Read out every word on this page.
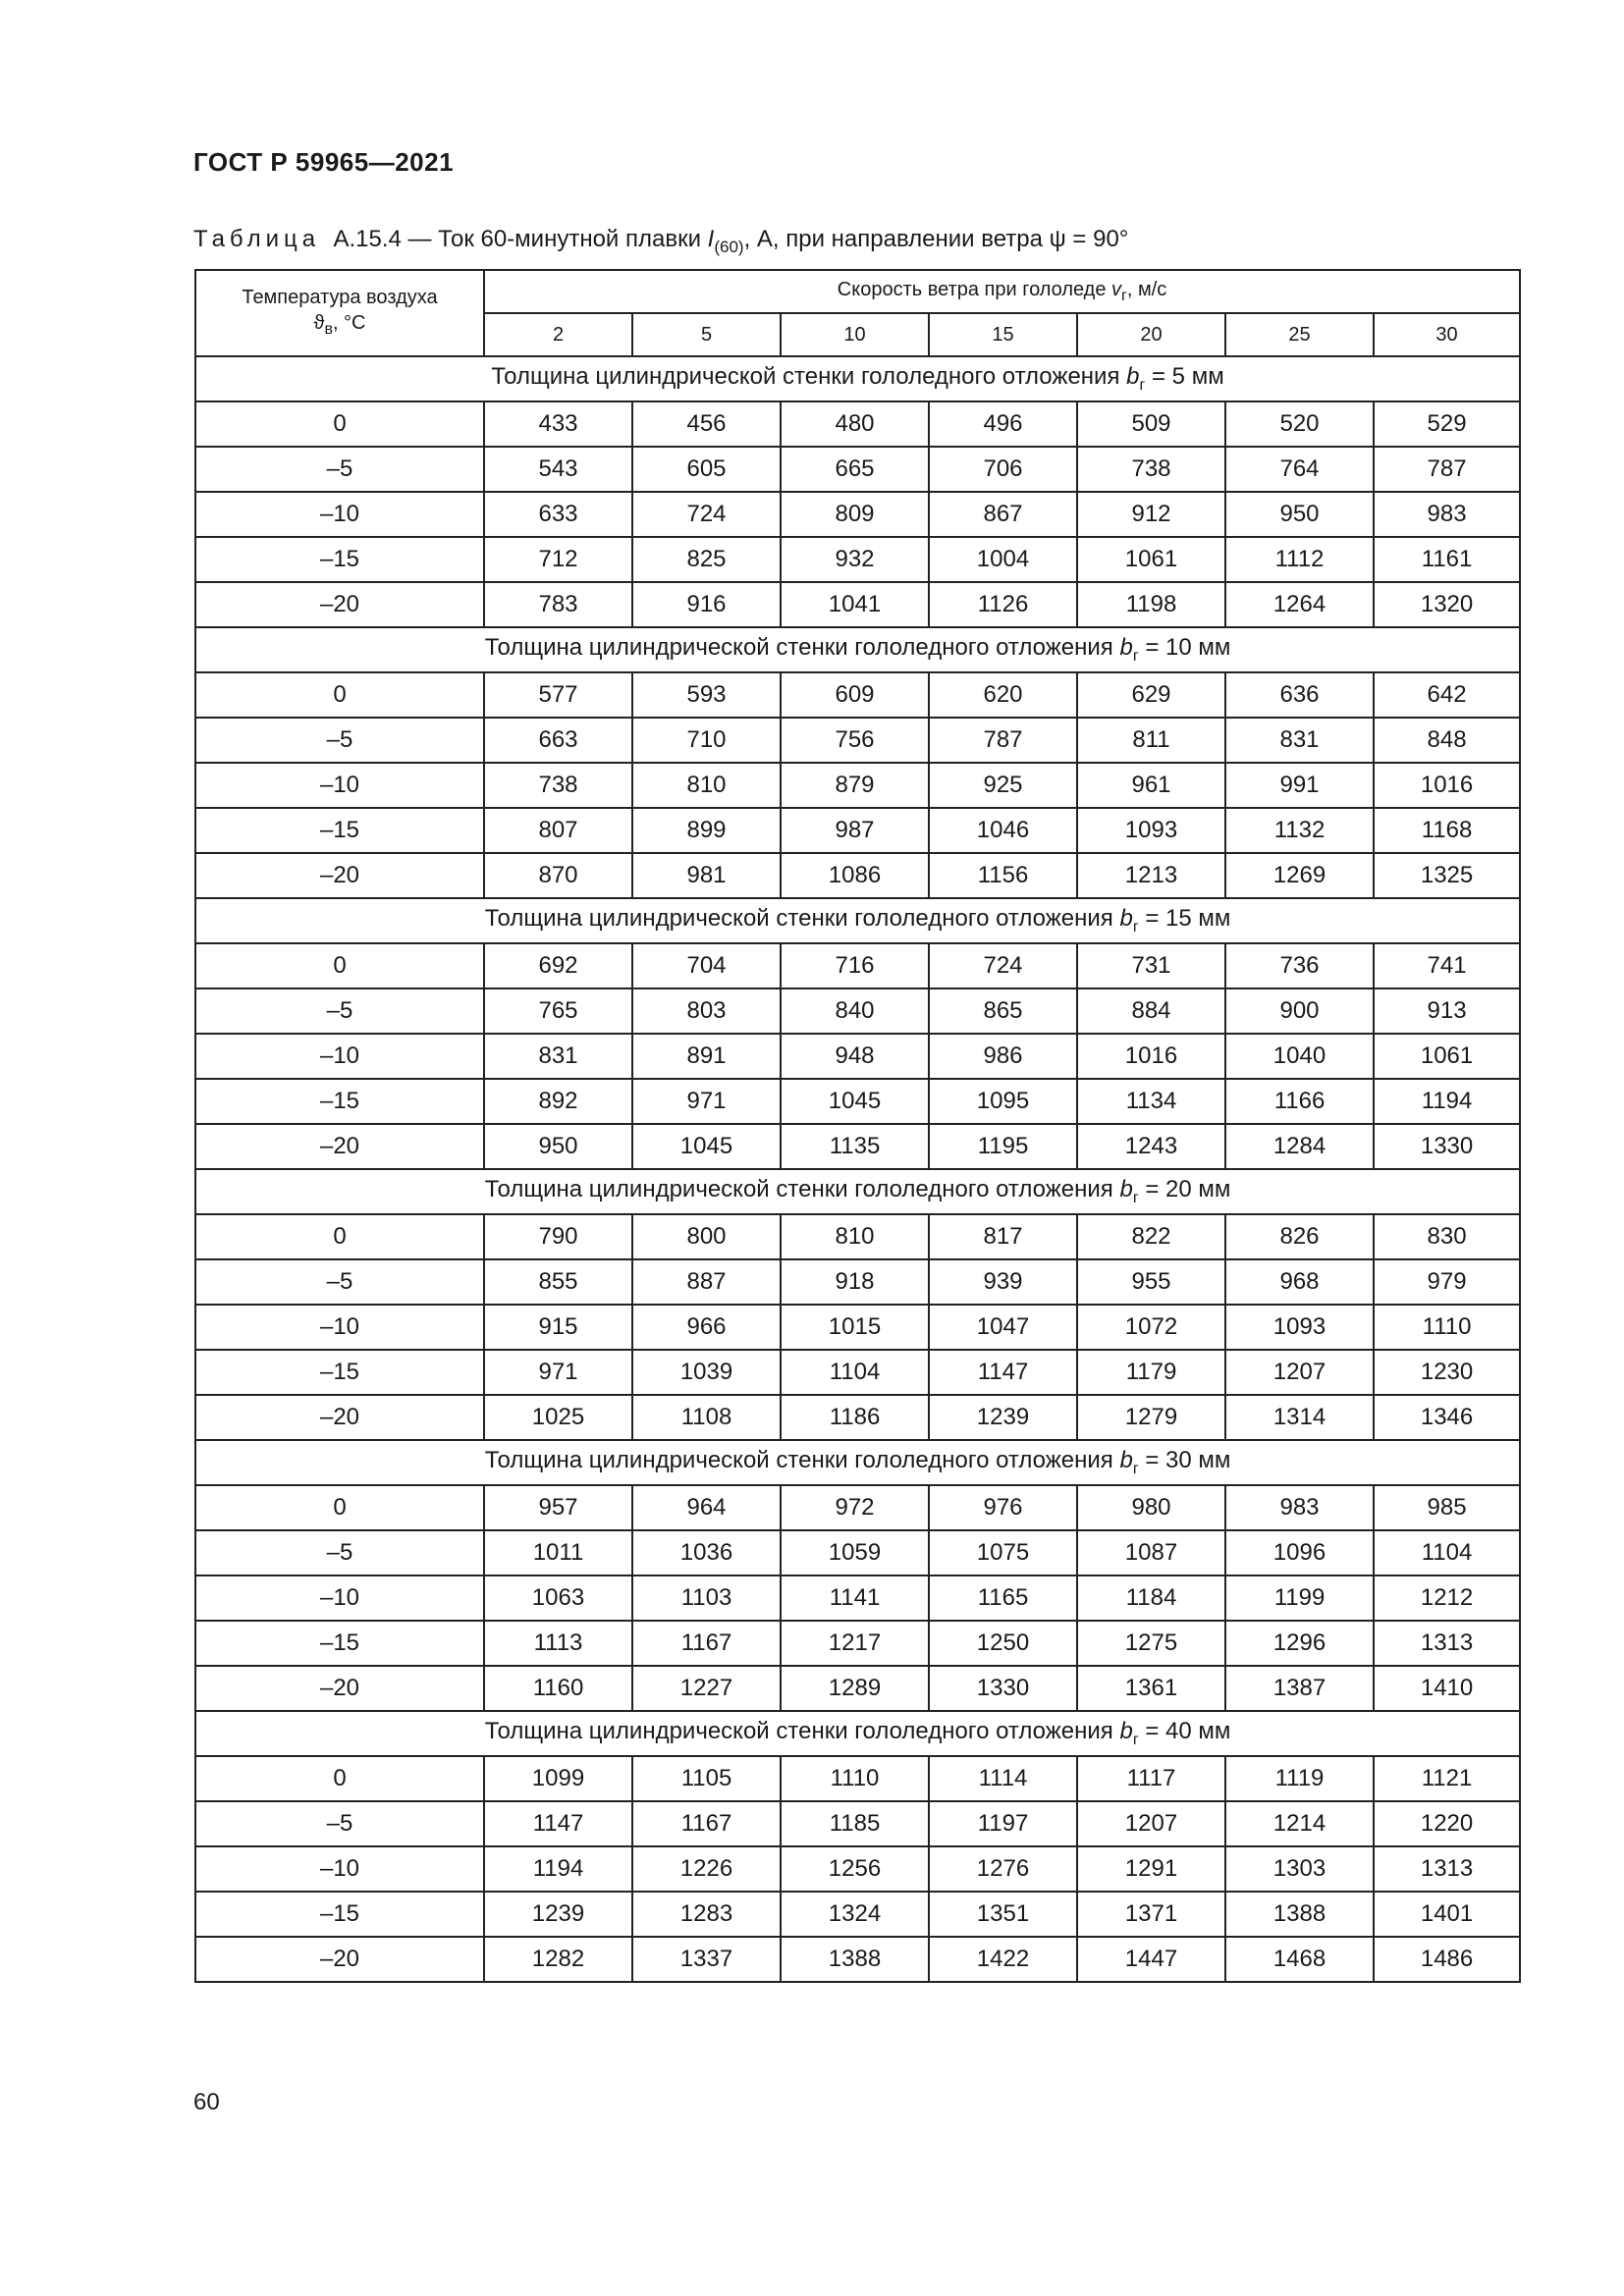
ГОСТ Р 59965—2021
Таблица А.15.4 — Ток 60-минутной плавки $I_{(60)}$, А, при направлении ветра ψ = 90°
Температура воздуха
$ϑ_в$, °С	Скорость ветра при гололеде $v_г$, м/с						
	2	5	10	15	20	25	30
Толщина цилиндрической стенки гололедного отложения $b_г = 5$ мм							
0	433	456	480	496	509	520	529
–5	543	605	665	706	738	764	787
–10	633	724	809	867	912	950	983
–15	712	825	932	1004	1061	1112	1161
–20	783	916	1041	1126	1198	1264	1320
Толщина цилиндрической стенки гололедного отложения $b_г = 10$ мм							
0	577	593	609	620	629	636	642
–5	663	710	756	787	811	831	848
–10	738	810	879	925	961	991	1016
–15	807	899	987	1046	1093	1132	1168
–20	870	981	1086	1156	1213	1269	1325
Толщина цилиндрической стенки гололедного отложения $b_г = 15$ мм							
0	692	704	716	724	731	736	741
–5	765	803	840	865	884	900	913
–10	831	891	948	986	1016	1040	1061
–15	892	971	1045	1095	1134	1166	1194
–20	950	1045	1135	1195	1243	1284	1330
Толщина цилиндрической стенки гололедного отложения $b_г = 20$ мм							
0	790	800	810	817	822	826	830
–5	855	887	918	939	955	968	979
–10	915	966	1015	1047	1072	1093	1110
–15	971	1039	1104	1147	1179	1207	1230
–20	1025	1108	1186	1239	1279	1314	1346
Толщина цилиндрической стенки гололедного отложения $b_г = 30$ мм							
0	957	964	972	976	980	983	985
–5	1011	1036	1059	1075	1087	1096	1104
–10	1063	1103	1141	1165	1184	1199	1212
–15	1113	1167	1217	1250	1275	1296	1313
–20	1160	1227	1289	1330	1361	1387	1410
Толщина цилиндрической стенки гололедного отложения $b_г = 40$ мм							
0	1099	1105	1110	1114	1117	1119	1121
–5	1147	1167	1185	1197	1207	1214	1220
–10	1194	1226	1256	1276	1291	1303	1313
–15	1239	1283	1324	1351	1371	1388	1401
–20	1282	1337	1388	1422	1447	1468	1486
60
